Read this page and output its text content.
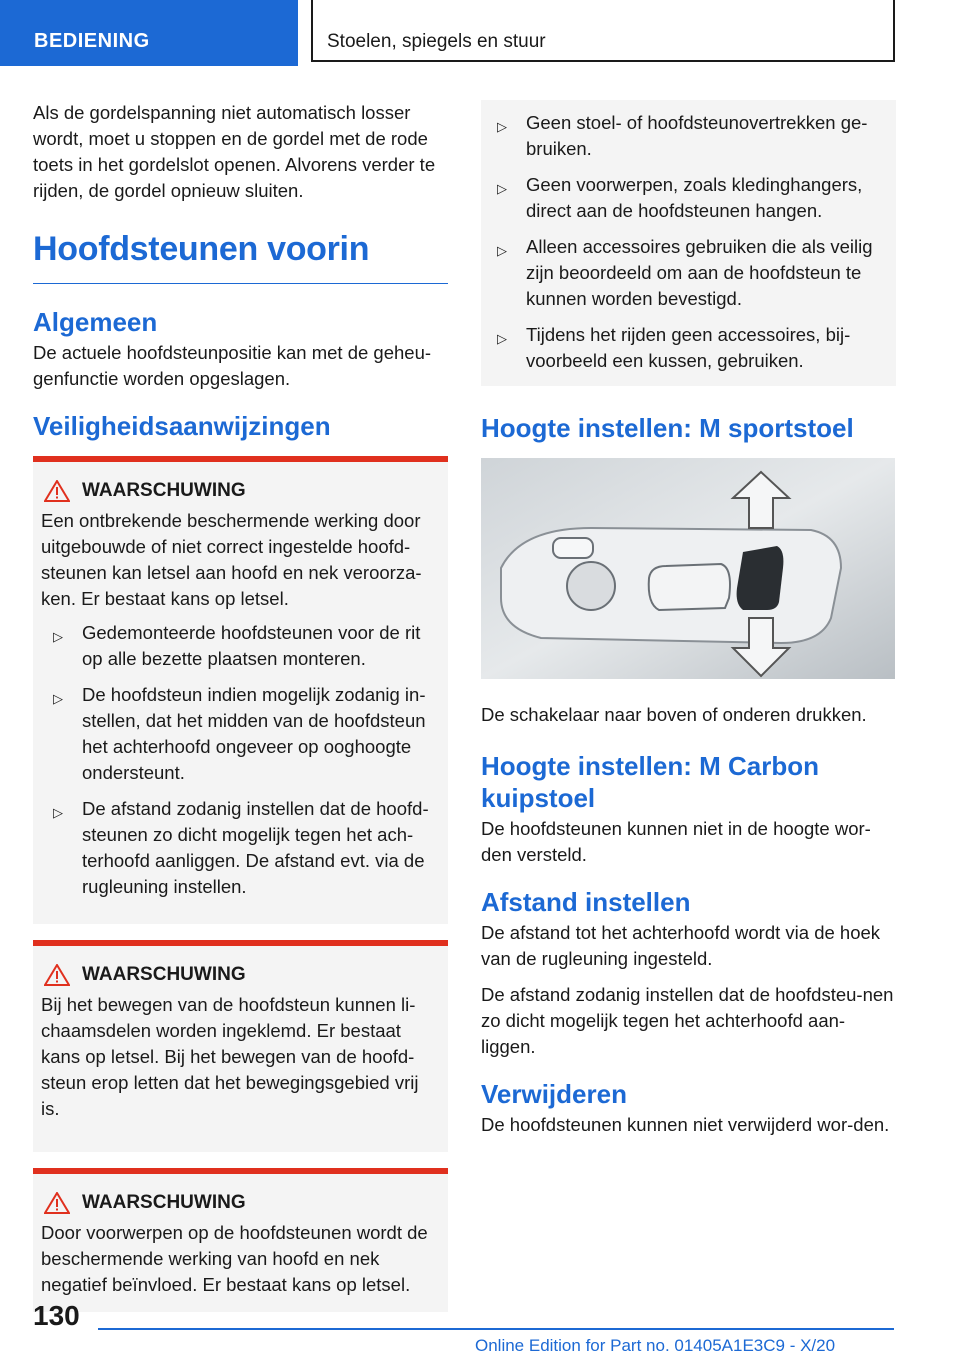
BEDIENING	Stoelen, spiegels en stuur

Als de gordelspanning niet automatisch losser wordt, moet u stoppen en de gordel met de rode toets in het gordelslot openen. Alvorens verder te rijden, de gordel opnieuw sluiten.

Hoofdsteunen voorin
Algemeen

De actuele hoofdsteunpositie kan met de geheu-genfunctie worden opgeslagen.

Veiligheidsaanwijzingen
WAARSCHUWING

Een ontbrekende beschermende werking door uitgebouwde of niet correct ingestelde hoofd-steunen kan letsel aan hoofd en nek veroorza-ken. Er bestaat kans op letsel.

▷ Gedemonteerde hoofdsteunen voor de rit op alle bezette plaatsen monteren.
▷ De hoofdsteun indien mogelijk zodanig in-stellen, dat het midden van de hoofdsteun het achterhoofd ongeveer op ooghoogte ondersteunt.
▷ De afstand zodanig instellen dat de hoofd-steunen zo dicht mogelijk tegen het ach-terhoofd aanliggen. De afstand evt. via de rugleuning instellen.
WAARSCHUWING

Bij het bewegen van de hoofdsteun kunnen li-chaamsdelen worden ingeklemd. Er bestaat kans op letsel. Bij het bewegen van de hoofd-steun erop letten dat het bewegingsgebied vrij is.

WAARSCHUWING

Door voorwerpen op de hoofdsteunen wordt de beschermende werking van hoofd en nek negatief beïnvloed. Er bestaat kans op letsel.

▷ Geen stoel- of hoofdsteunovertrekken ge-bruiken.
▷ Geen voorwerpen, zoals kledinghangers, direct aan de hoofdsteunen hangen.
▷ Alleen accessoires gebruiken die als veilig zijn beoordeeld om aan de hoofdsteun te kunnen worden bevestigd.
▷ Tijdens het rijden geen accessoires, bij-voorbeeld een kussen, gebruiken.
Hoogte instellen: M sportstoel

De schakelaar naar boven of onderen drukken.

Hoogte instellen: M Carbon kuipstoel

De hoofdsteunen kunnen niet in de hoogte wor-den versteld.

Afstand instellen

De afstand tot het achterhoofd wordt via de hoek van de rugleuning ingesteld.

De afstand zodanig instellen dat de hoofdsteu-nen zo dicht mogelijk tegen het achterhoofd aan-liggen.

Verwijderen

De hoofdsteunen kunnen niet verwijderd wor-den.

130
Online Edition for Part no. 01405A1E3C9 - X/20
